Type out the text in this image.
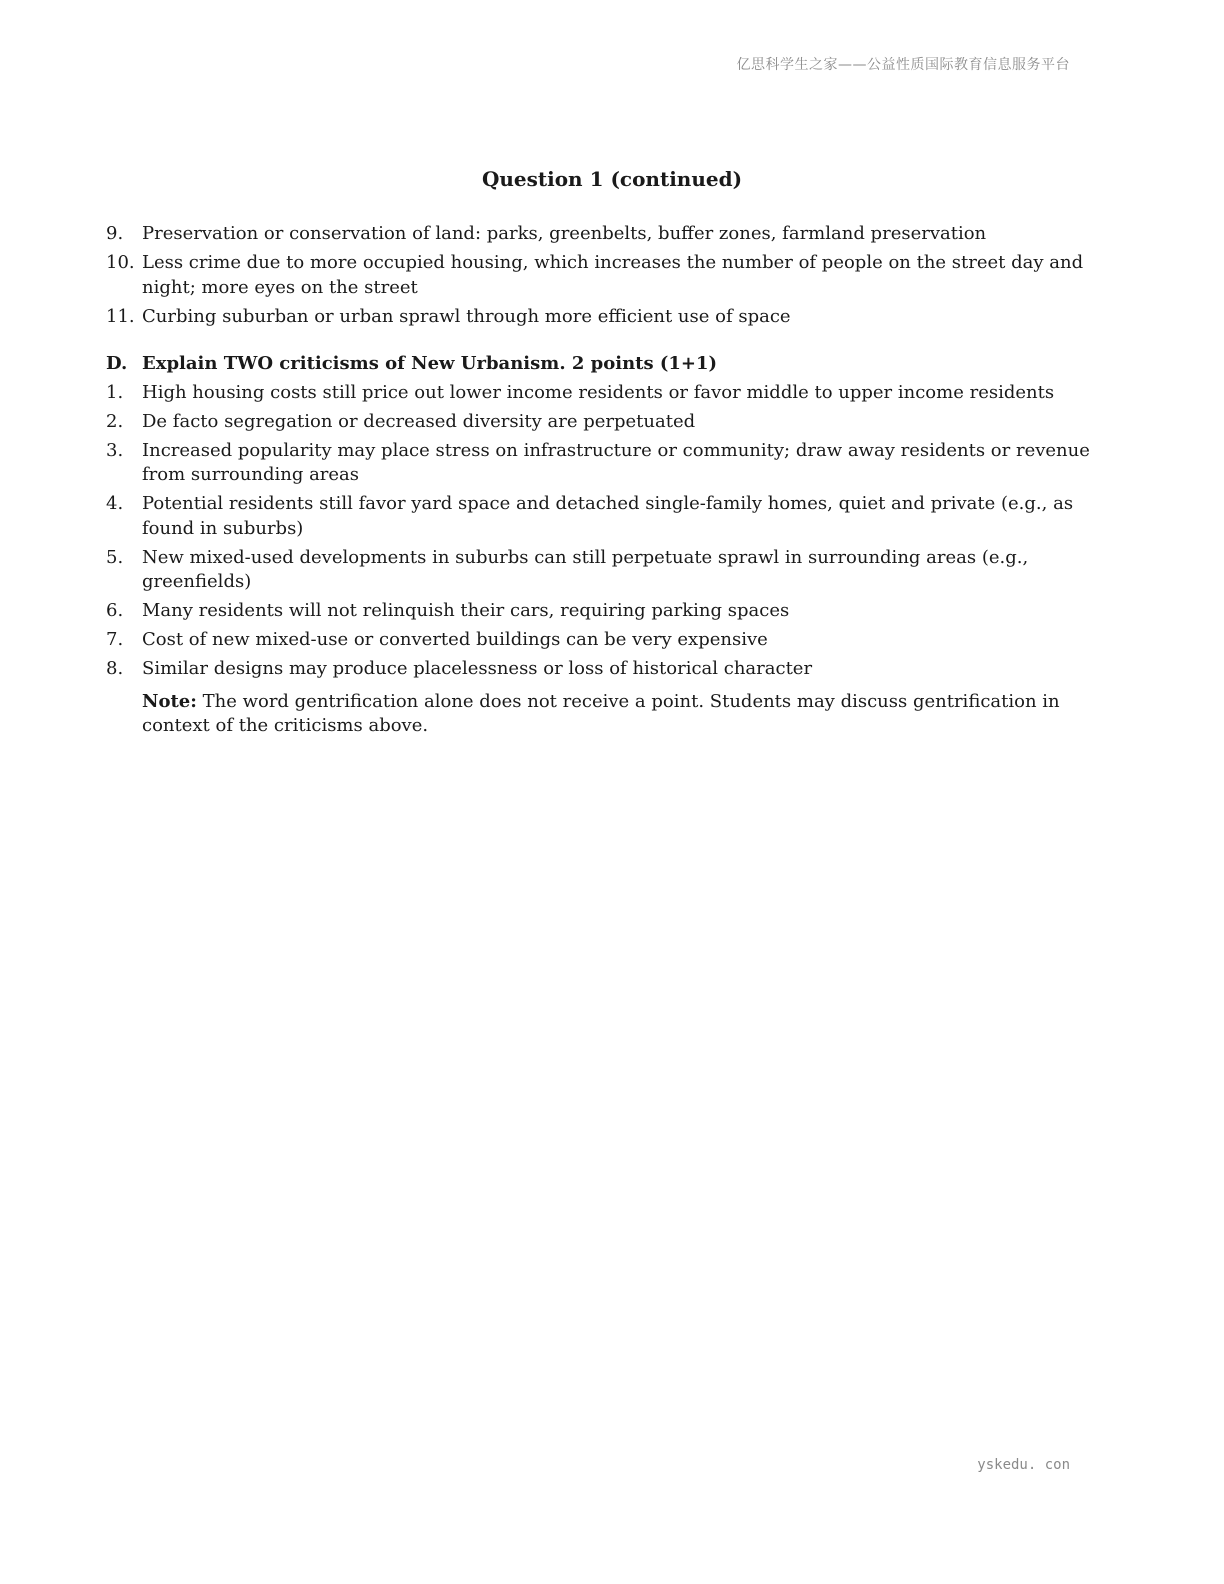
亿思科学生之家——公益性质国际教育信息服务平台
Question 1 (continued)
9.	Preservation or conservation of land: parks, greenbelts, buffer zones, farmland preservation
10. Less crime due to more occupied housing, which increases the number of people on the street day and night; more eyes on the street
11. Curbing suburban or urban sprawl through more efficient use of space
D. Explain TWO criticisms of New Urbanism. 2 points (1+1)
1.	High housing costs still price out lower income residents or favor middle to upper income residents
2.	De facto segregation or decreased diversity are perpetuated
3.	Increased popularity may place stress on infrastructure or community; draw away residents or revenue from surrounding areas
4.	Potential residents still favor yard space and detached single-family homes, quiet and private (e.g., as found in suburbs)
5.	New mixed-used developments in suburbs can still perpetuate sprawl in surrounding areas (e.g., greenfields)
6.	Many residents will not relinquish their cars, requiring parking spaces
7.	Cost of new mixed-use or converted buildings can be very expensive
8.	Similar designs may produce placelessness or loss of historical character

Note: The word gentrification alone does not receive a point. Students may discuss gentrification in context of the criticisms above.

yskedu. con
